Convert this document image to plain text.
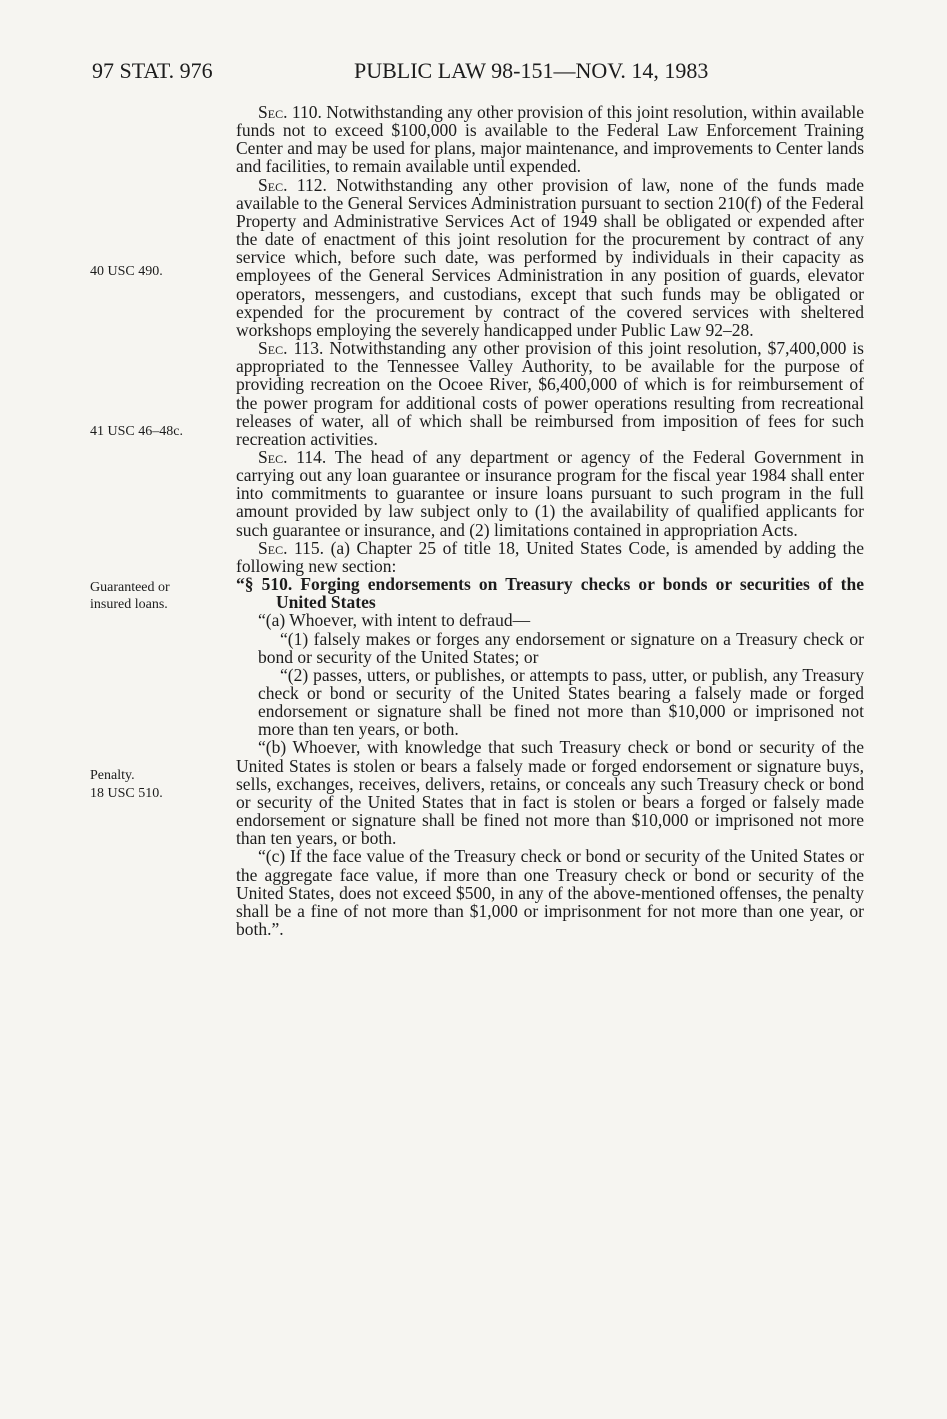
97 STAT. 976	PUBLIC LAW 98-151—NOV. 14, 1983
40 USC 490.
41 USC 46–48c.
Guaranteed or insured loans.
Penalty.
18 USC 510.

Sec. 110. Notwithstanding any other provision of this joint resolution, within available funds not to exceed $100,000 is available to the Federal Law Enforcement Training Center and may be used for plans, major maintenance, and improvements to Center lands and facilities, to remain available until expended.

Sec. 112. Notwithstanding any other provision of law, none of the funds made available to the General Services Administration pursuant to section 210(f) of the Federal Property and Administrative Services Act of 1949 shall be obligated or expended after the date of enactment of this joint resolution for the procurement by contract of any service which, before such date, was performed by individuals in their capacity as employees of the General Services Administration in any position of guards, elevator operators, messengers, and custodians, except that such funds may be obligated or expended for the procurement by contract of the covered services with sheltered workshops employing the severely handicapped under Public Law 92–28.

Sec. 113. Notwithstanding any other provision of this joint resolution, $7,400,000 is appropriated to the Tennessee Valley Authority, to be available for the purpose of providing recreation on the Ocoee River, $6,400,000 of which is for reimbursement of the power program for additional costs of power operations resulting from recreational releases of water, all of which shall be reimbursed from imposition of fees for such recreation activities.

Sec. 114. The head of any department or agency of the Federal Government in carrying out any loan guarantee or insurance program for the fiscal year 1984 shall enter into commitments to guarantee or insure loans pursuant to such program in the full amount provided by law subject only to (1) the availability of qualified applicants for such guarantee or insurance, and (2) limitations contained in appropriation Acts.

Sec. 115. (a) Chapter 25 of title 18, United States Code, is amended by adding the following new section:

“§ 510. Forging endorsements on Treasury checks or bonds or securities of the United States

“(a) Whoever, with intent to defraud—

“(1) falsely makes or forges any endorsement or signature on a Treasury check or bond or security of the United States; or

“(2) passes, utters, or publishes, or attempts to pass, utter, or publish, any Treasury check or bond or security of the United States bearing a falsely made or forged endorsement or signature shall be fined not more than $10,000 or imprisoned not more than ten years, or both.

“(b) Whoever, with knowledge that such Treasury check or bond or security of the United States is stolen or bears a falsely made or forged endorsement or signature buys, sells, exchanges, receives, delivers, retains, or conceals any such Treasury check or bond or security of the United States that in fact is stolen or bears a forged or falsely made endorsement or signature shall be fined not more than $10,000 or imprisoned not more than ten years, or both.

“(c) If the face value of the Treasury check or bond or security of the United States or the aggregate face value, if more than one Treasury check or bond or security of the United States, does not exceed $500, in any of the above-mentioned offenses, the penalty shall be a fine of not more than $1,000 or imprisonment for not more than one year, or both.”.
